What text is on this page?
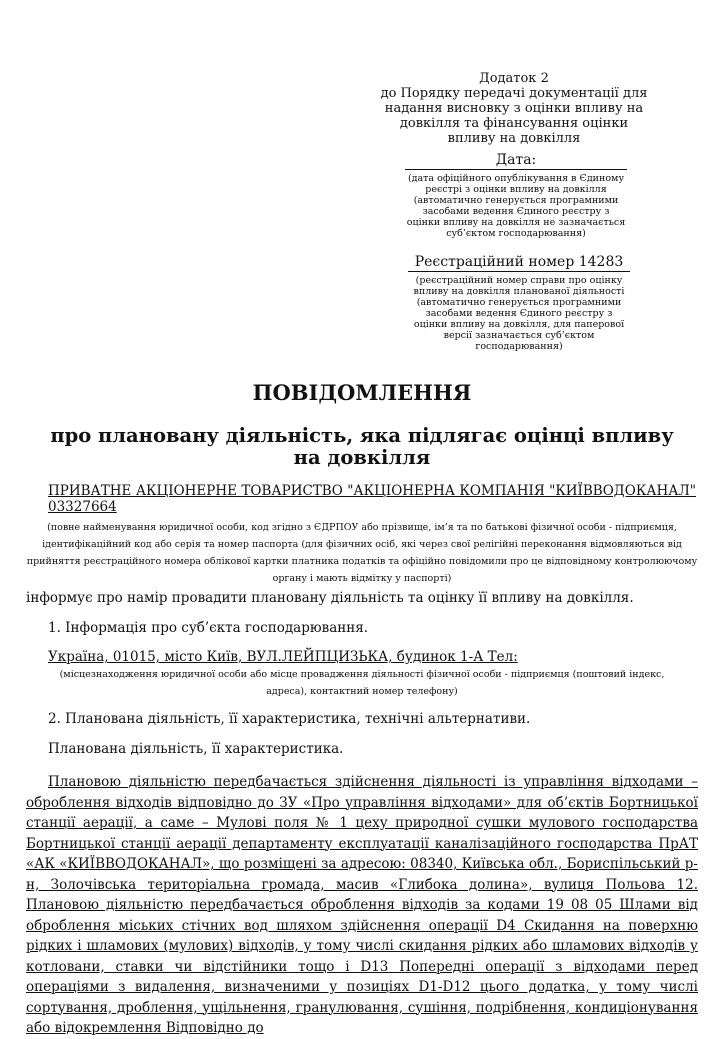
Додаток 2
до Порядку передачі документації для надання висновку з оцінки впливу на довкілля та фінансування оцінки впливу на довкілля
Дата:
(дата офіційного опублікування в Єдиному реєстрі з оцінки впливу на довкілля (автоматично генерується програмними засобами ведення Єдиного реєстру з оцінки впливу на довкілля не зазначається суб’єктом господарювання)
Реєстраційний номер 14283
(реєстраційний номер справи про оцінку впливу на довкілля планованої діяльності (автоматично генерується програмними засобами ведення Єдиного реєстру з оцінки впливу на довкілля, для паперової версії зазначається суб’єктом господарювання)
ПОВІДОМЛЕННЯ
про плановану діяльність, яка підлягає оцінці впливу на довкілля
ПРИВАТНЕ АКЦІОНЕРНЕ ТОВАРИСТВО "АКЦІОНЕРНА КОМПАНІЯ "КИЇВВОДОКАНАЛ" 03327664
(повне найменування юридичної особи, код згідно з ЄДРПОУ або прізвище, ім’я та по батькові фізичної особи - підприємця, ідентифікаційний код або серія та номер паспорта (для фізичних осіб, які через свої релігійні переконання відмовляються від прийняття реєстраційного номера облікової картки платника податків та офіційно повідомили про це відповідному контролюючому органу і мають відмітку у паспорті)
інформує про намір провадити плановану діяльність та оцінку її впливу на довкілля.
1. Інформація про суб’єкта господарювання.
Україна, 01015, місто Київ, ВУЛ.ЛЕЙПЦИЗЬКА, будинок 1-А Тел:
(місцезнаходження юридичної особи або місце провадження діяльності фізичної особи - підприємця (поштовий індекс, адреса), контактний номер телефону)
2. Планована діяльність, її характеристика, технічні альтернативи.
Планована діяльність, її характеристика.
Плановою діяльністю передбачається здійснення діяльності із управління відходами – оброблення відходів відповідно до ЗУ «Про управління відходами» для об’єктів Бортницької станції аерації, а саме – Мулові поля № 1 цеху природної сушки мулового господарства Бортницької станції аерації департаменту експлуатації каналізаційного господарства ПрАТ «АК «КИЇВВОДОКАНАЛ», що розміщені за адресою: 08340, Київська обл., Бориспільський р-н, Золочівська територіальна громада, масив «Глибока долина», вулиця Польова 12. Плановою діяльністю передбачається оброблення відходів за кодами 19 08 05 Шлами від оброблення міських стічних вод шляхом здійснення операції D4 Скидання на поверхню рідких і шламових (мулових) відходів, у тому числі скидання рідких або шламових відходів у котловани, ставки чи відстійники тощо і D13 Попередні операції з відходами перед операціями з видалення, визначеними у позиціях D1-D12 цього додатка, у тому числі сортування, дроблення, ущільнення, гранулювання, сушіння, подрібнення, кондиціонування або відокремлення Відповідно до
